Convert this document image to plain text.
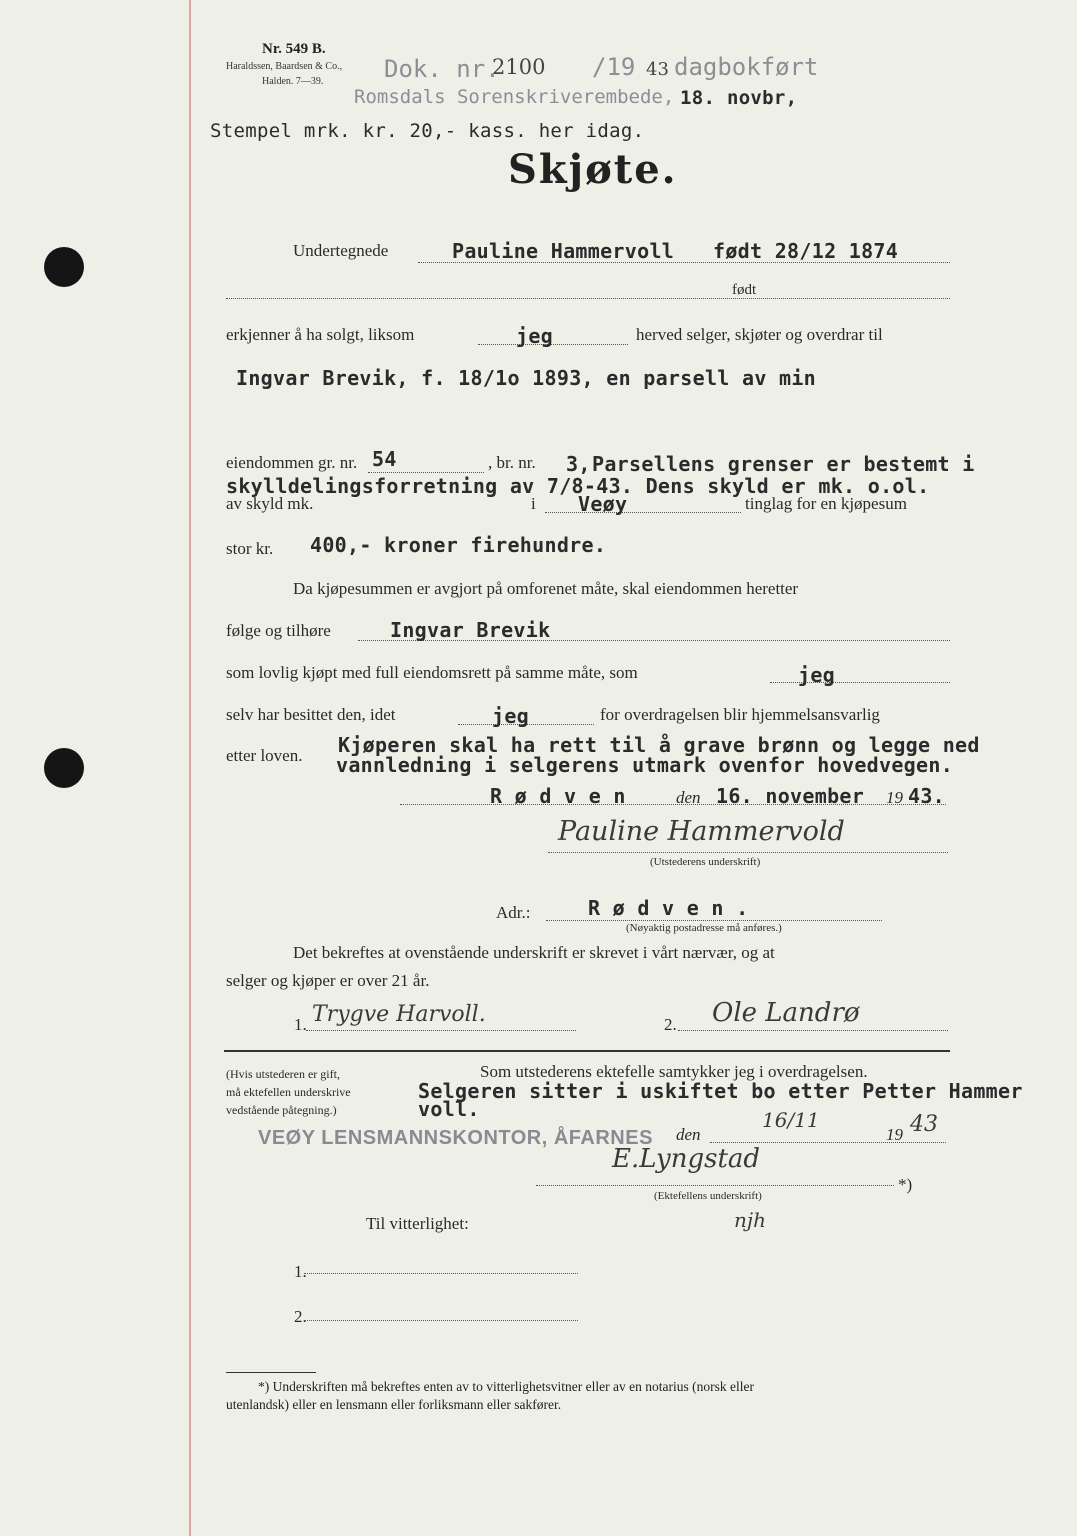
Nr. 549 B.
Haraldssen, Baardsen & Co.,
Halden. 7—39.	Dok. nr.
2100 /19 43 dagbokført
Romsdals Sorenskriverembede, 18. novbr,
Stempel mrk. kr. 20,- kass. her idag.
Skjøte.
Undertegnede	Pauline Hammervoll født 28/12 1874
født
erkjenner å ha solgt, liksom	jeg	herved selger, skjøter og overdrar til
Ingvar Brevik, f. 18/1o 1893, en parsell av min
eiendommen gr. nr. 54	, br. nr. 3, Parsellens grenser er bestemt i
skylldelingsforretning av 7/8-43. Dens skyld er mk. o.ol.
av skyld mk.	i Veøy	tinglag for en kjøpesum
stor kr. 400,- kroner firehundre.
Da kjøpesummen er avgjort på omforenet måte, skal eiendommen heretter
følge og tilhøre	Ingvar Brevik
som lovlig kjøpt med full eiendomsrett på samme måte, som	jeg
selv har besittet den, idet	jeg	for overdragelsen blir hjemmelsansvarlig
etter loven. Kjøperen skal ha rett til å grave brønn og legge ned
vannledning i selgerens utmark ovenfor hovedvegen.
R ø d v e n	den 16. november 19 43.
Pauline Hammervold
(Utstederens underskrift)
Adr.:	R ø d v e n .
(Nøyaktig postadresse må anføres.)
Det bekreftes at ovenstående underskrift er skrevet i vårt nærvær, og at
selger og kjøper er over 21 år.
1. Trygve Harvoll.	2. Ole Landrø
(Hvis utstederen er gift,
må ektefellen underskrive
vedstående påtegning.)
Som utstederens ektefelle samtykker jeg i overdragelsen.
Selgeren sitter i uskiftet bo etter Petter Hammer
voll.
VEØY LENSMANNSKONTOR, ÅFARNES den
16/11
19 43
E.Lyngstad
*)
(Ektefellens underskrift)
njh
Til vitterlighet:
1.
2.
*) Underskriften må bekreftes enten av to vitterlighetsvitner eller av en notarius (norsk eller
utenlandsk) eller en lensmann eller forliksmann eller sakfører.
